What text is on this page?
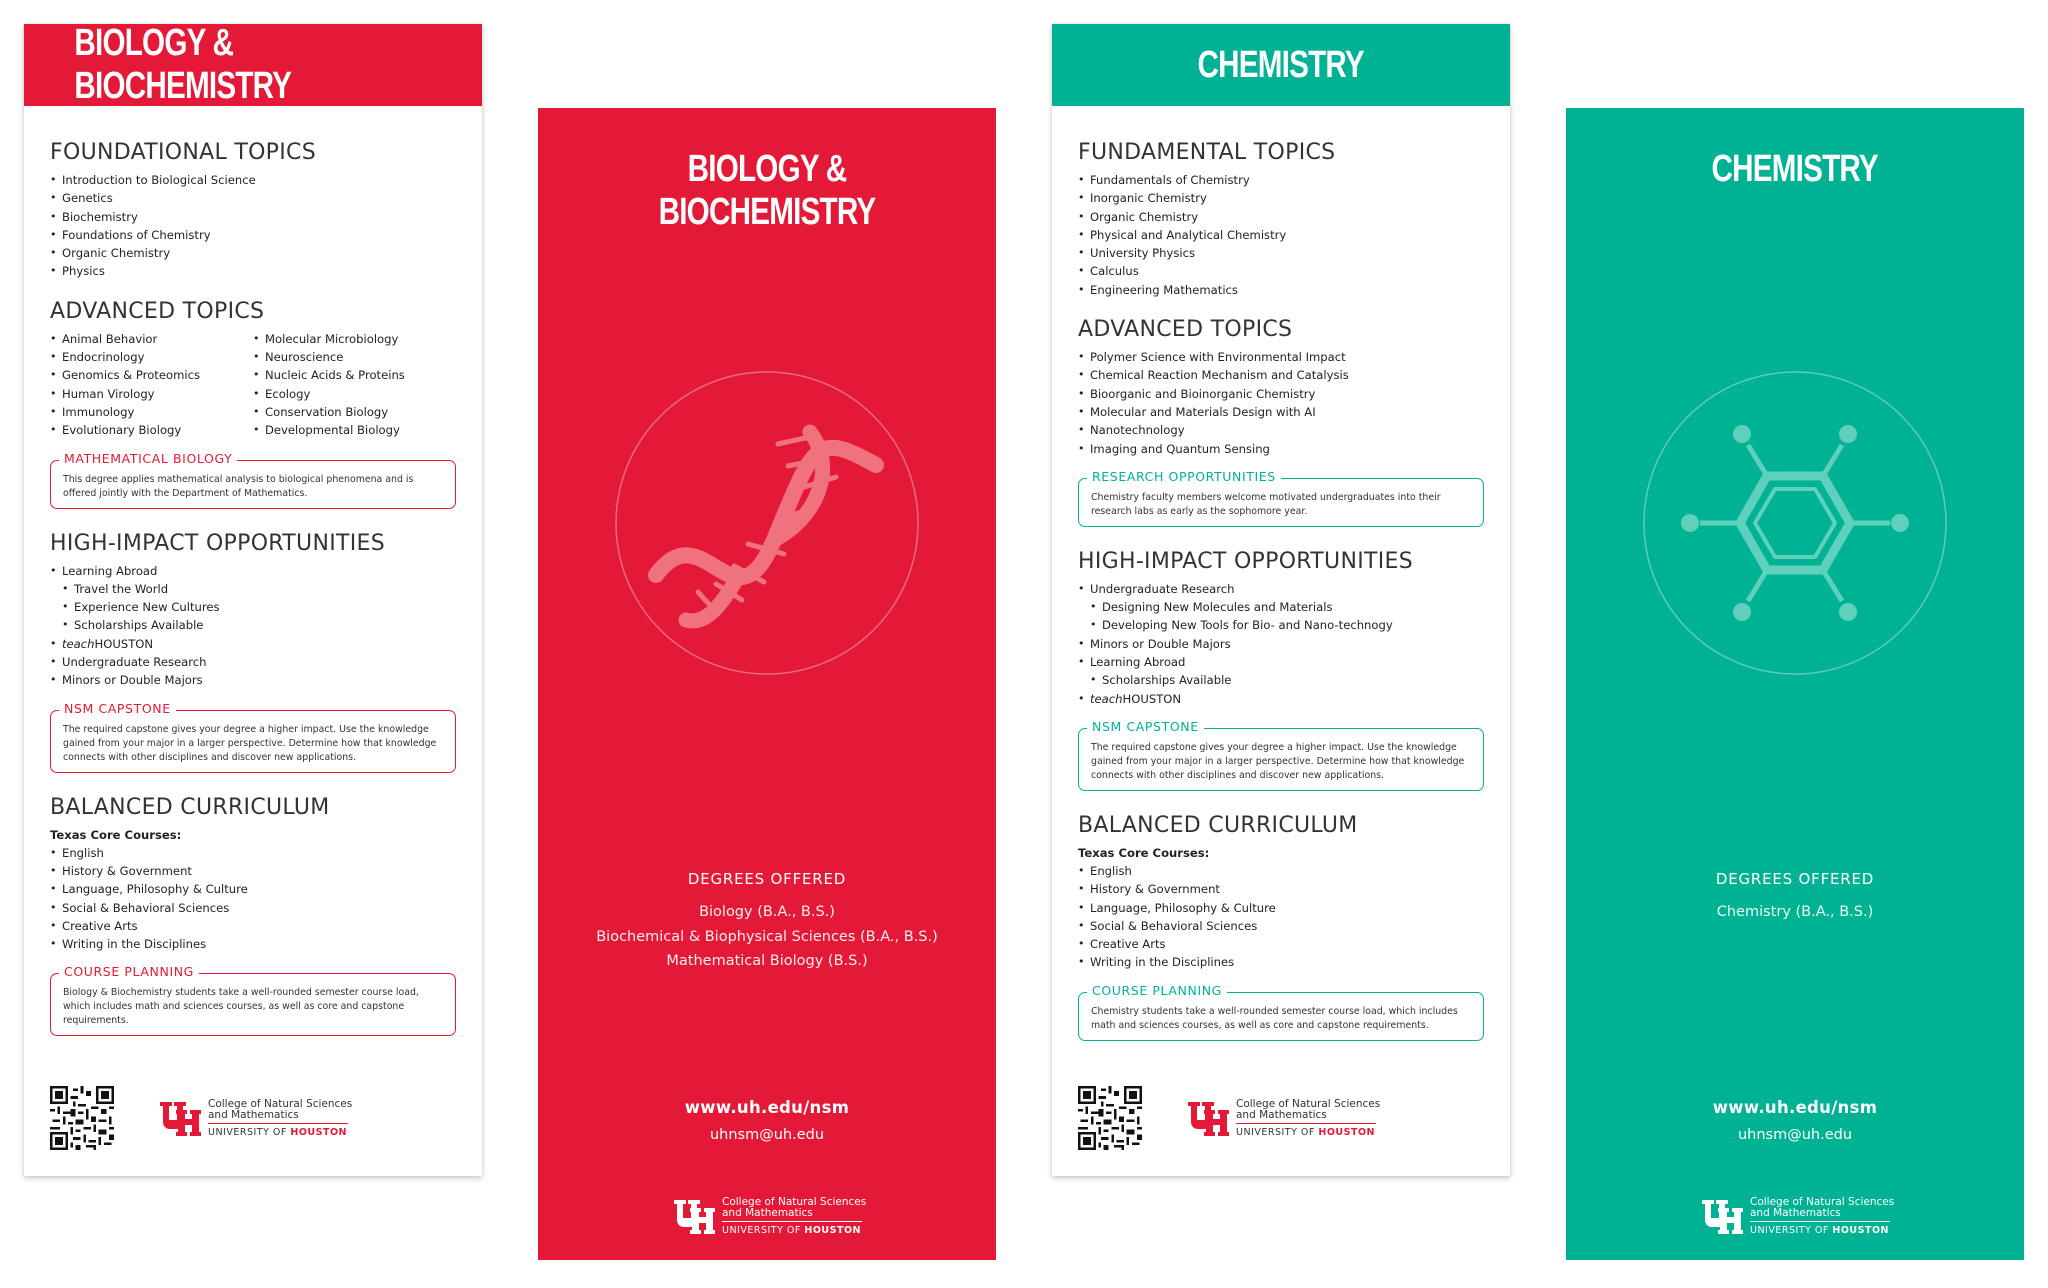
BIOLOGY & BIOCHEMISTRY
FOUNDATIONAL TOPICS
• Introduction to Biological Science
• Genetics
• Biochemistry
• Foundations of Chemistry
• Organic Chemistry
• Physics
ADVANCED TOPICS
• Animal Behavior
• Endocrinology
• Genomics & Proteomics
• Human Virology
• Immunology
• Evolutionary Biology
• Molecular Microbiology
• Neuroscience
• Nucleic Acids & Proteins
• Ecology
• Conservation Biology
• Developmental Biology
MATHEMATICAL BIOLOGY
This degree applies mathematical analysis to biological phenomena and is offered jointly with the Department of Mathematics.
HIGH-IMPACT OPPORTUNITIES
• Learning Abroad
• Travel the World
• Experience New Cultures
• Scholarships Available
• teachHOUSTON
• Undergraduate Research
• Minors or Double Majors
NSM CAPSTONE
The required capstone gives your degree a higher impact. Use the knowledge gained from your major in a larger perspective. Determine how that knowledge connects with other disciplines and discover new applications.
BALANCED CURRICULUM
Texas Core Courses:
• English
• History & Government
• Language, Philosophy & Culture
• Social & Behavioral Sciences
• Creative Arts
• Writing in the Disciplines
COURSE PLANNING
Biology & Biochemistry students take a well-rounded semester course load, which includes math and sciences courses, as well as core and capstone requirements.
College of Natural Sciences
and Mathematics
UNIVERSITY OF HOUSTON
BIOLOGY & BIOCHEMISTRY
DEGREES OFFERED
Biology (B.A., B.S.)
Biochemical & Biophysical Sciences (B.A., B.S.)
Mathematical Biology (B.S.)
www.uh.edu/nsm
uhnsm@uh.edu
College of Natural Sciences
and Mathematics
UNIVERSITY OF HOUSTON
CHEMISTRY
FUNDAMENTAL TOPICS
• Fundamentals of Chemistry
• Inorganic Chemistry
• Organic Chemistry
• Physical and Analytical Chemistry
• University Physics
• Calculus
• Engineering Mathematics
ADVANCED TOPICS
• Polymer Science with Environmental Impact
• Chemical Reaction Mechanism and Catalysis
• Bioorganic and Bioinorganic Chemistry
• Molecular and Materials Design with AI
• Nanotechnology
• Imaging and Quantum Sensing
RESEARCH OPPORTUNITIES
Chemistry faculty members welcome motivated undergraduates into their research labs as early as the sophomore year.
HIGH-IMPACT OPPORTUNITIES
• Undergraduate Research
• Designing New Molecules and Materials
• Developing New Tools for Bio- and Nano-technogy
• Minors or Double Majors
• Learning Abroad
• Scholarships Available
• teachHOUSTON
NSM CAPSTONE
The required capstone gives your degree a higher impact. Use the knowledge gained from your major in a larger perspective. Determine how that knowledge connects with other disciplines and discover new applications.
BALANCED CURRICULUM
Texas Core Courses:
• English
• History & Government
• Language, Philosophy & Culture
• Social & Behavioral Sciences
• Creative Arts
• Writing in the Disciplines
COURSE PLANNING
Chemistry students take a well-rounded semester course load, which includes math and sciences courses, as well as core and capstone requirements.
College of Natural Sciences
and Mathematics
UNIVERSITY OF HOUSTON
CHEMISTRY
DEGREES OFFERED
Chemistry (B.A., B.S.)
www.uh.edu/nsm
uhnsm@uh.edu
College of Natural Sciences
and Mathematics
UNIVERSITY OF HOUSTON
